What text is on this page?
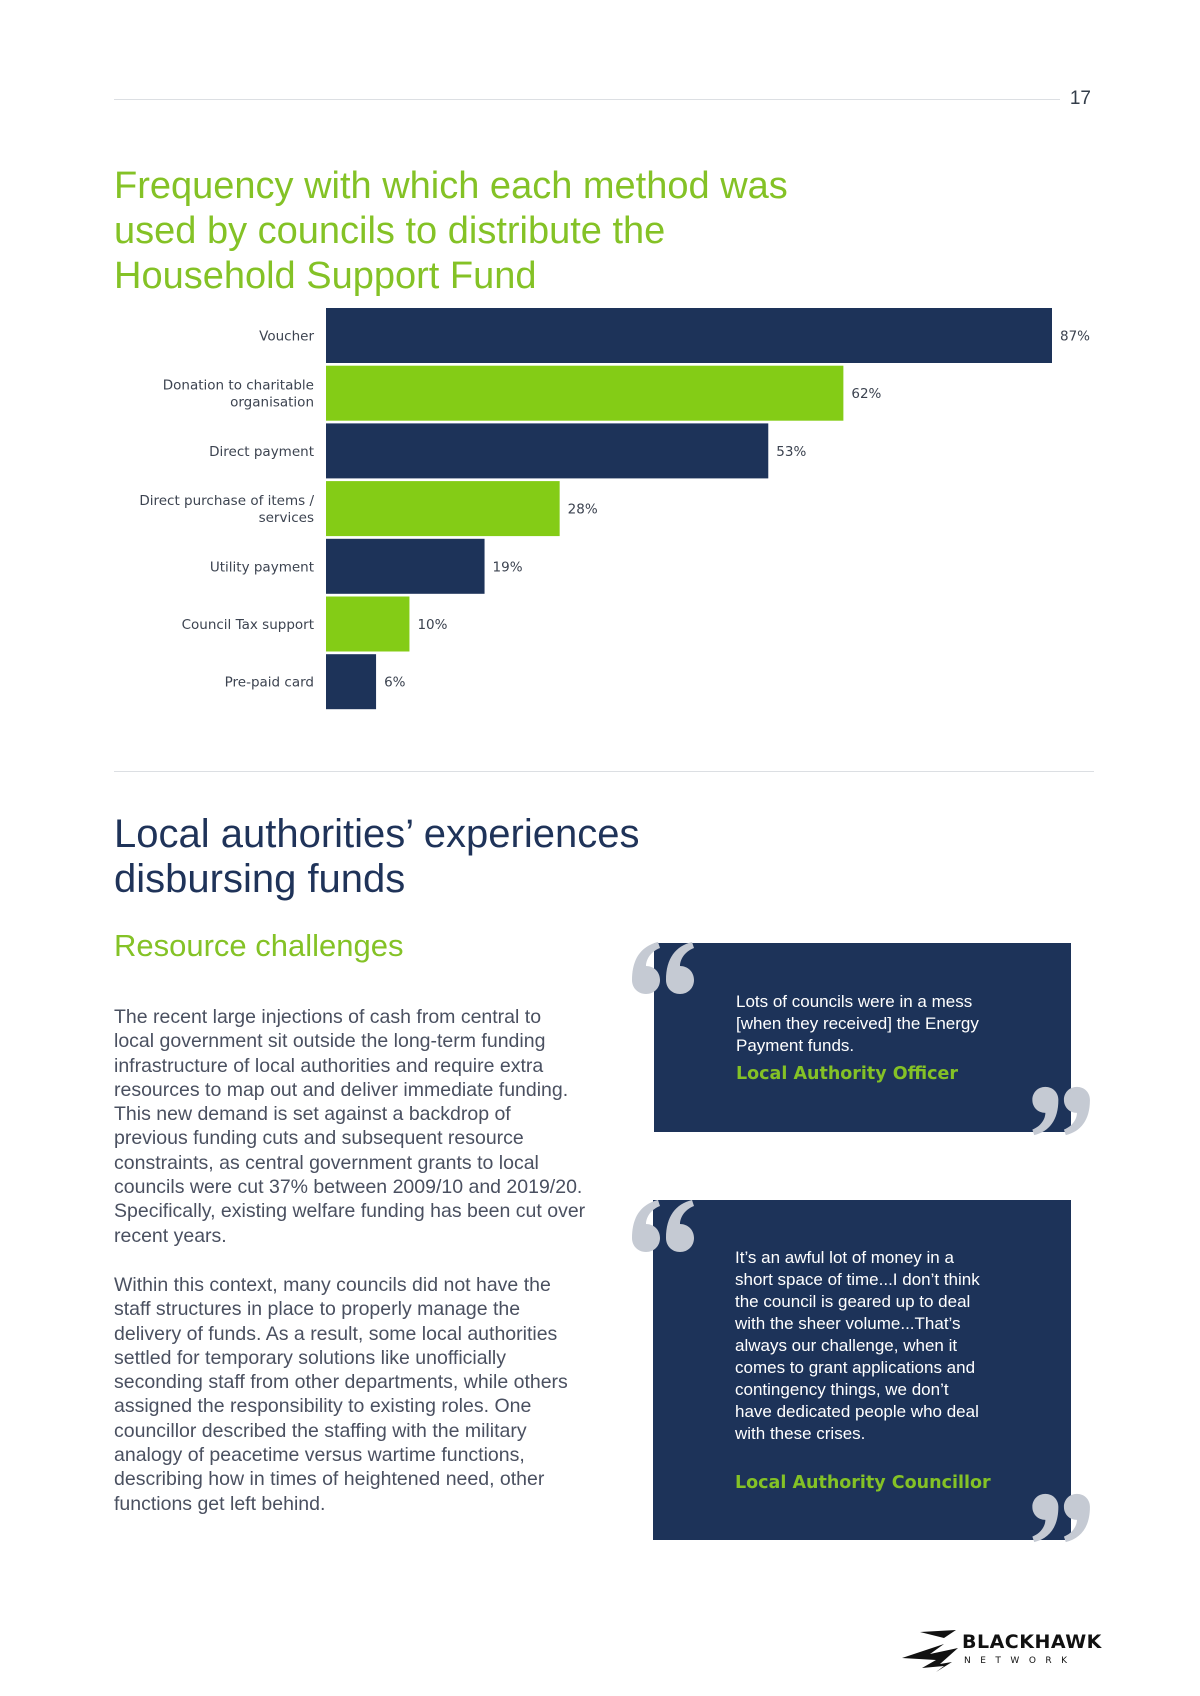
17
Frequency with which each method was used by councils to distribute the Household Support Fund
87%
Voucher
62%
Donation to charitable organisation
53%
Direct payment
28%
Direct purchase of items / services
19%
Utility payment
10%
Council Tax support
6%
Pre-paid card
Local authorities’ experiences disbursing funds
Resource challenges

The recent large injections of cash from central to local government sit outside the long-term funding infrastructure of local authorities and require extra resources to map out and deliver immediate funding. This new demand is set against a backdrop of previous funding cuts and subsequent resource constraints, as central government grants to local councils were cut 37% between 2009/10 and 2019/20. Specifically, existing welfare funding has been cut over recent years.

Within this context, many councils did not have the staff structures in place to properly manage the delivery of funds. As a result, some local authorities settled for temporary solutions like unofficially seconding staff from other departments, while others assigned the responsibility to existing roles. One councillor described the staffing with the military analogy of peacetime versus wartime functions, describing how in times of heightened need, other functions get left behind.

Lots of councils were in a mess [when they received] the Energy Payment funds.

Local Authority Officer

It’s an awful lot of money in a short space of time...I don’t think the council is geared up to deal with the sheer volume...That’s always our challenge, when it comes to grant applications and contingency things, we don’t have dedicated people who deal with these crises.

Local Authority Councillor

BLACKHAWK
NETWORK
